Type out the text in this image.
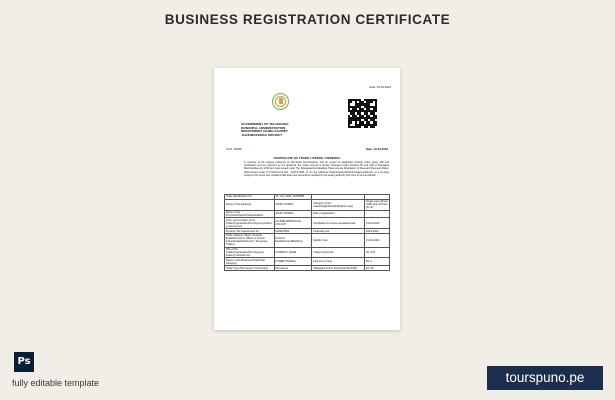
BUSINESS REGISTRATION CERTIFICATE
Date: 19-03-2023
GOVERNMENT OF TELANGANA
MUNICIPAL ADMINISTRATION
DEPARTMENT (GHMC-KAZIPET
,HANUMAKONDA DISTRICT
S.No. 40022	Date: 19-03-2023
CERTIFICATE OF TRADE LICENSE / RENEWAL
In exercise of the powers conferred on Municipal Commissioner and on receipt of application through online along with self certification and fee payment by the applicant, the Trade License is hereby Renewed under sections 53 and 138 of Telangana Municipalities Act, 2019 and rules issued under The Telangana Municipalities Trade License (Regulation of Issue and Renewal) Rules, 2020 issued under G.O.Ms.No.141 MA., dt.20.5.2020, to run the following Trade/Organization/Firm/Agency/Industry at a premise subject to the terms and conditions laid down and restrictions imposed by the issuing authority from time to time as follows:
Trade Identification No.	TS_GG_0026_11056385		
Name of the applicant	JOHN CITIZEN	Category of the trade(Single/Double/Multiple Lane)	Single Lane (Road width upto 40 Feet, (Ft.)2)
Name of the Proprietor/Partner/Shareholder/s	JOHN CITIZEN	Date of application	
H.No. and Location of the Trade/Organization/Firm/Agency/Industry/ services etc.	3-8-538/LIBRAN/GAR COLONY	Certificate of License generated date	19-03-2023
Property Tax Assessment for	1118018552	Financial year	2023-2024
Trade Category (D&O, General Establishment or offices or shops/ Industrial Establishment / Temporary Trades)	General Establishment(Building)	Validity Upto	31-03-2024
Title of the Trade/Organization/Firm/Agency/ Industry/ services etc.	COMPANY NAME	Trade License No	No. 207
Nature of the Business/Trade(Sub Category)	OTHER TRADES	Late Fee (if any)	Rs. 0
Trade Type (Permanent / Temporary)	Permanent	Telangana Green Fund (Haritha Nidhi)	Rs. 50
Ps
fully editable template	tourspuno.pe
